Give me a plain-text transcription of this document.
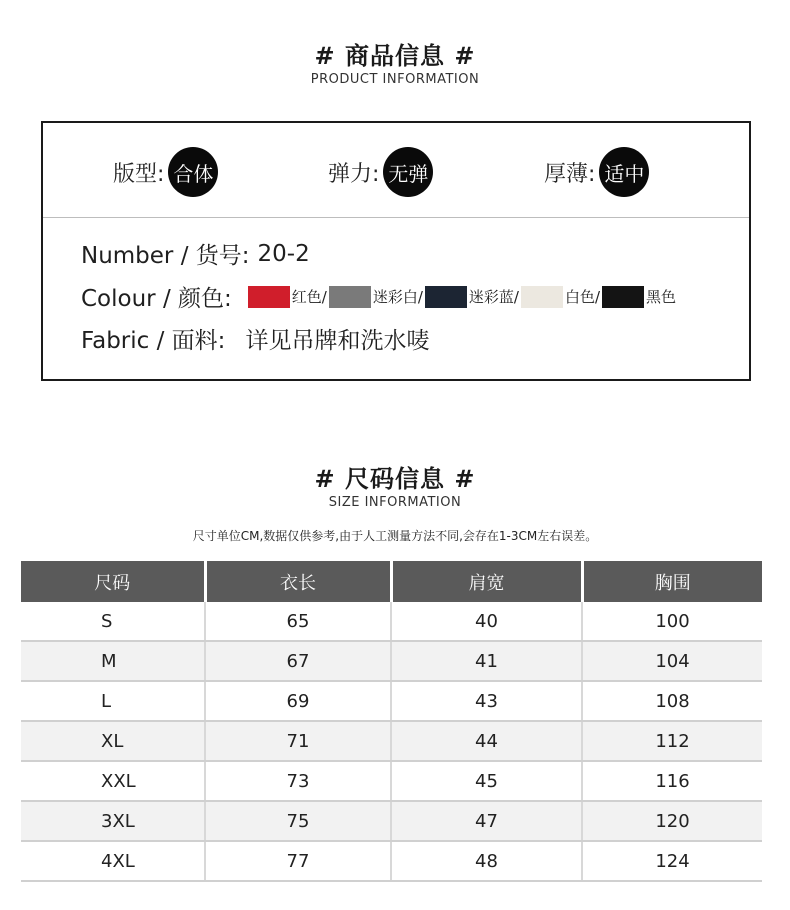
# 商品信息 #
PRODUCT INFORMATION
版型: 合体	弹力: 无弹	厚薄: 适中
Number / 货号: 20-2
Colour / 颜色:	红色/	迷彩白/	迷彩蓝/	白色/	黑色
Fabric / 面料: 详见吊牌和洗水唛
# 尺码信息 #
SIZE INFORMATION
尺寸单位CM,数据仅供参考,由于人工测量方法不同,会存在1-3CM左右误差。
尺码	衣长	肩宽	胸围
S	65	40	100
M	67	41	104
L	69	43	108
XL	71	44	112
XXL	73	45	116
3XL	75	47	120
4XL	77	48	124
